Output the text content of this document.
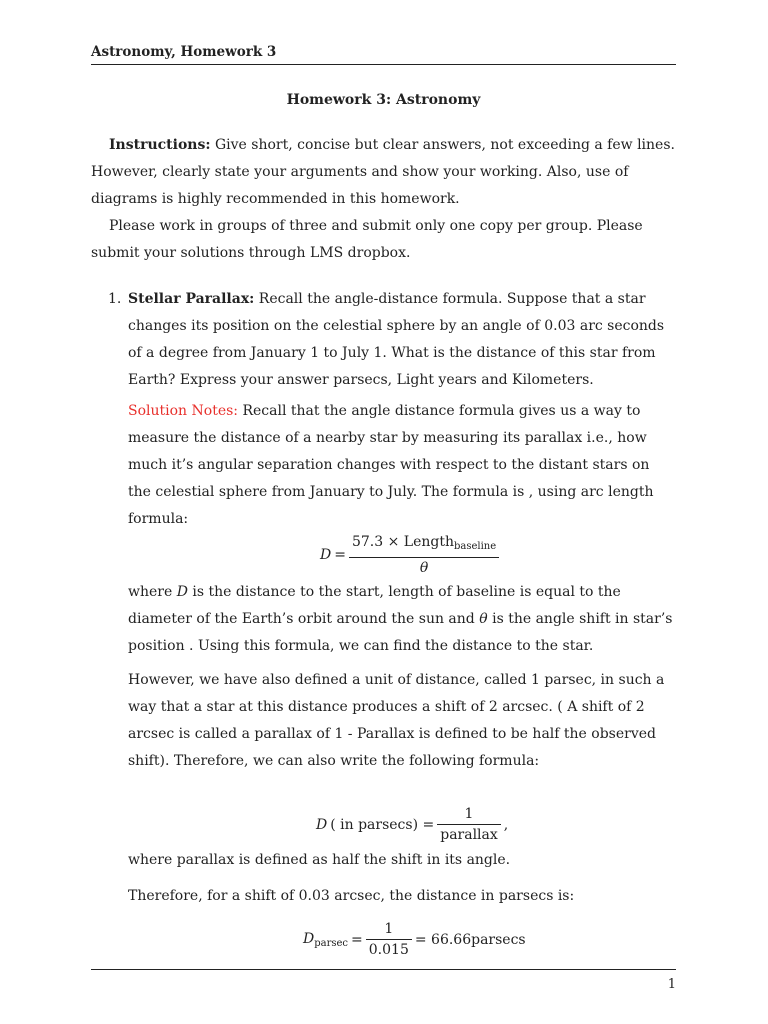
Astronomy, Homework 3
Homework 3: Astronomy
Instructions: Give short, concise but clear answers, not exceeding a few lines. However, clearly state your arguments and show your working. Also, use of diagrams is highly recommended in this homework.
Please work in groups of three and submit only one copy per group. Please submit your solutions through LMS dropbox.
1. Stellar Parallax: Recall the angle-distance formula. Suppose that a star changes its position on the celestial sphere by an angle of 0.03 arc seconds of a degree from January 1 to July 1. What is the distance of this star from Earth? Express your answer parsecs, Light years and Kilometers.
Solution Notes: Recall that the angle distance formula gives us a way to measure the distance of a nearby star by measuring its parallax i.e., how much it’s angular separation changes with respect to the distant stars on the celestial sphere from January to July. The formula is , using arc length formula:
$D = \frac{57.3 \times Length_{baseline}}{\theta}$
where D is the distance to the start, length of baseline is equal to the diameter of the Earth’s orbit around the sun and θ is the angle shift in star’s position . Using this formula, we can find the distance to the star.
However, we have also defined a unit of distance, called 1 parsec, in such a way that a star at this distance produces a shift of 2 arcsec. ( A shift of 2 arcsec is called a parallax of 1 - Parallax is defined to be half the observed shift). Therefore, we can also write the following formula:
D ( in $parsecs) = \frac{1}{\text{parallax}}$ ,
where parallax is defined as half the shift in its angle.
Therefore, for a shift of 0.03 arcsec, the distance in parsecs is:
$D_{parsec} = \frac{1}{0.015} = 66.66parsecs$
1
